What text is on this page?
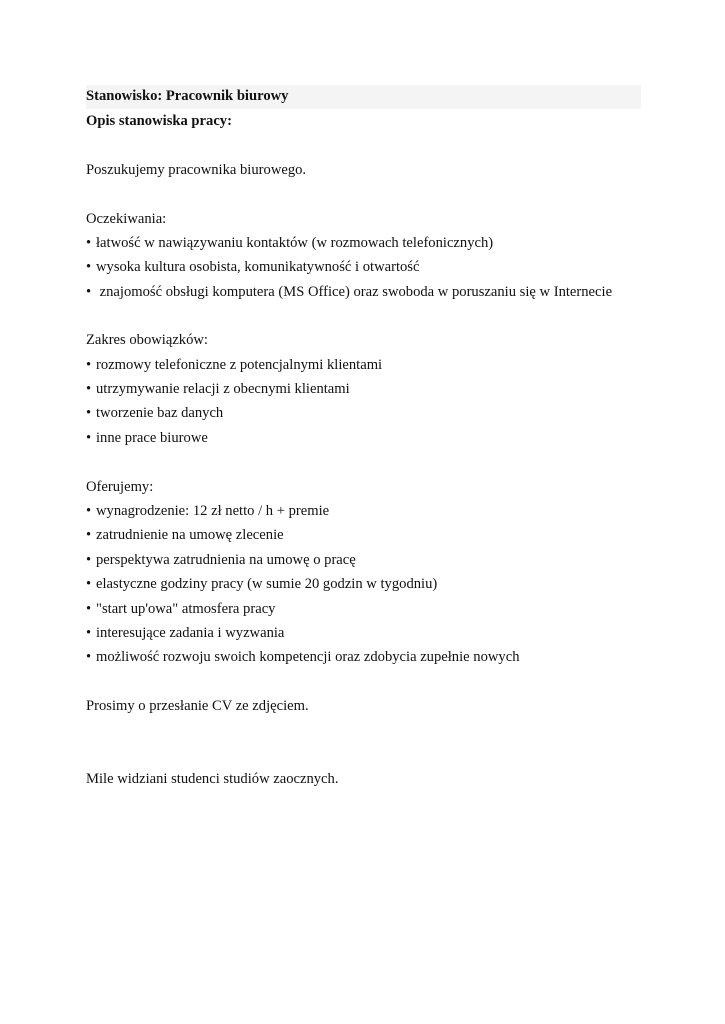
Stanowisko: Pracownik biurowy

Opis stanowiska pracy:

Poszukujemy pracownika biurowego.

Oczekiwania:

• łatwość w nawiązywaniu kontaktów (w rozmowach telefonicznych)

• wysoka kultura osobista, komunikatywność i otwartość

• znajomość obsługi komputera (MS Office) oraz swoboda w poruszaniu się w Internecie

Zakres obowiązków:

• rozmowy telefoniczne z potencjalnymi klientami

• utrzymywanie relacji z obecnymi klientami

• tworzenie baz danych

• inne prace biurowe

Oferujemy:

• wynagrodzenie: 12 zł netto / h + premie

• zatrudnienie na umowę zlecenie

• perspektywa zatrudnienia na umowę o pracę

• elastyczne godziny pracy (w sumie 20 godzin w tygodniu)

• "start up'owa" atmosfera pracy

• interesujące zadania i wyzwania

• możliwość rozwoju swoich kompetencji oraz zdobycia zupełnie nowych

Prosimy o przesłanie CV ze zdjęciem.

Mile widziani studenci studiów zaocznych.
